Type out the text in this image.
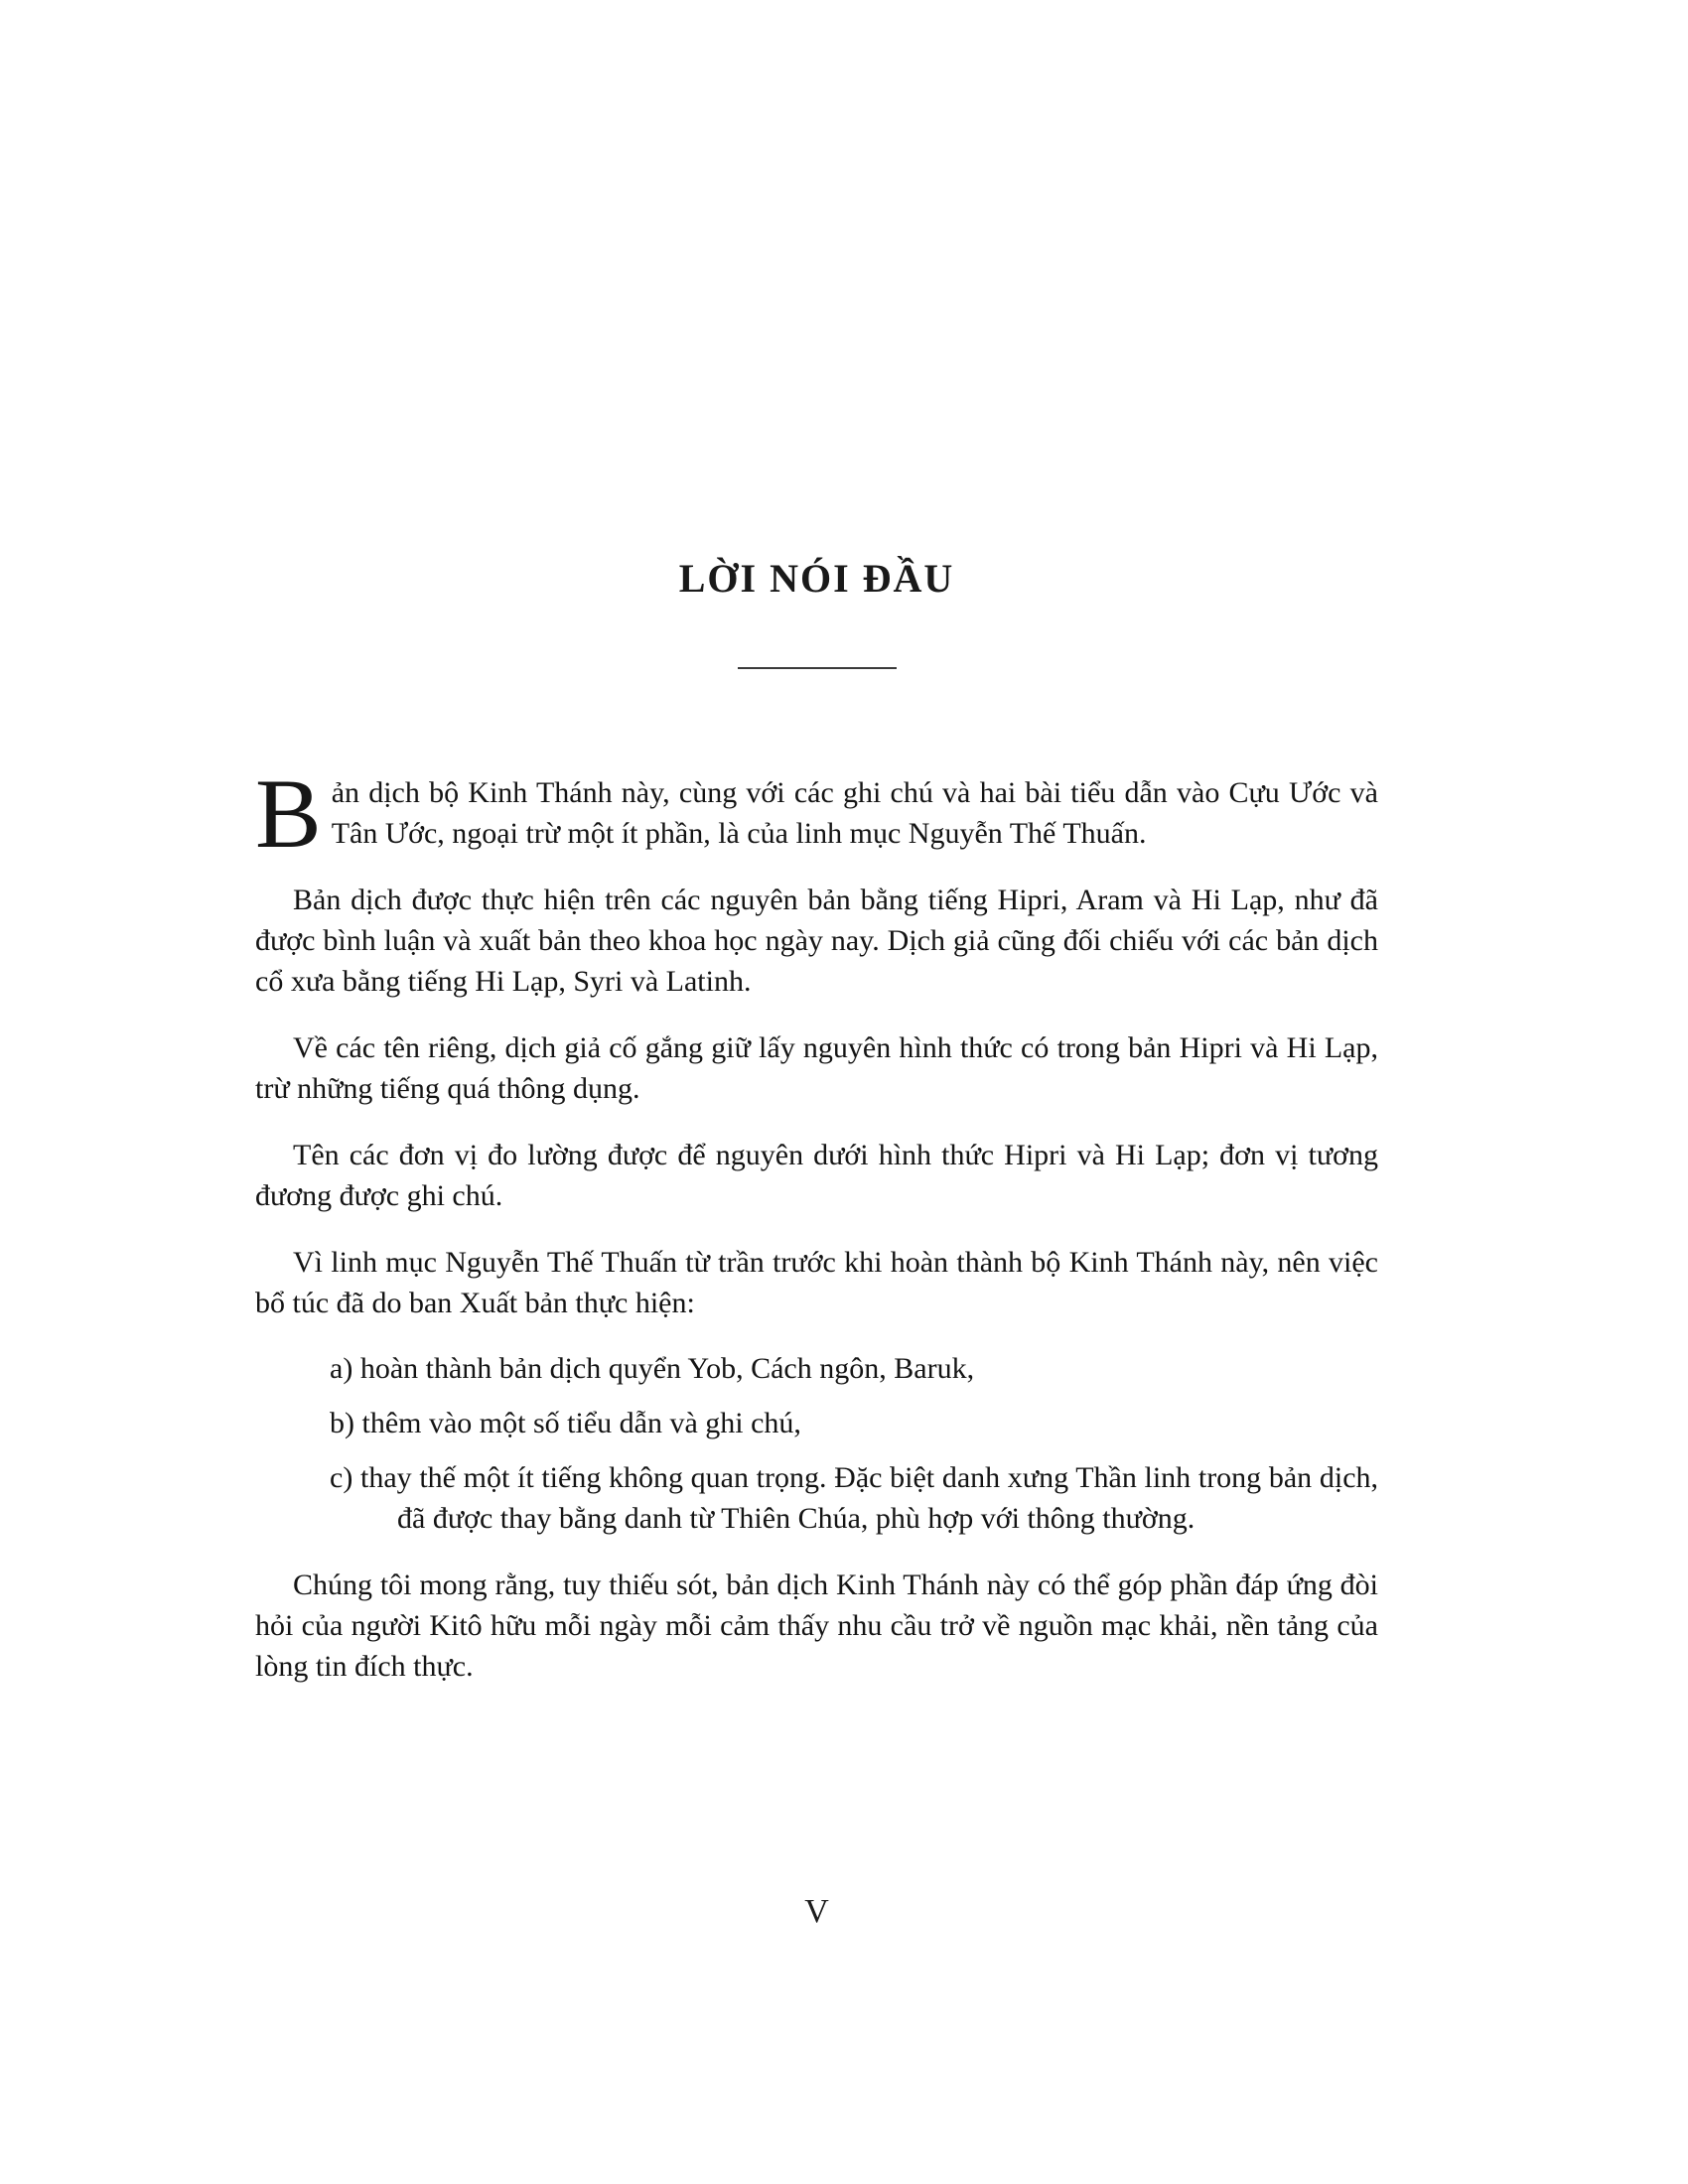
LỜI NÓI ĐẦU

Bản dịch bộ Kinh Thánh này, cùng với các ghi chú và hai bài tiểu dẫn vào Cựu Ước và Tân Ước, ngoại trừ một ít phần, là của linh mục Nguyễn Thế Thuấn.

Bản dịch được thực hiện trên các nguyên bản bằng tiếng Hipri, Aram và Hi Lạp, như đã được bình luận và xuất bản theo khoa học ngày nay. Dịch giả cũng đối chiếu với các bản dịch cổ xưa bằng tiếng Hi Lạp, Syri và Latinh.

Về các tên riêng, dịch giả cố gắng giữ lấy nguyên hình thức có trong bản Hipri và Hi Lạp, trừ những tiếng quá thông dụng.

Tên các đơn vị đo lường được để nguyên dưới hình thức Hipri và Hi Lạp; đơn vị tương đương được ghi chú.

Vì linh mục Nguyễn Thế Thuấn từ trần trước khi hoàn thành bộ Kinh Thánh này, nên việc bổ túc đã do ban Xuất bản thực hiện:

a) hoàn thành bản dịch quyển Yob, Cách ngôn, Baruk,
b) thêm vào một số tiểu dẫn và ghi chú,
c) thay thế một ít tiếng không quan trọng. Đặc biệt danh xưng Thần linh trong bản dịch, đã được thay bằng danh từ Thiên Chúa, phù hợp với thông thường.

Chúng tôi mong rằng, tuy thiếu sót, bản dịch Kinh Thánh này có thể góp phần đáp ứng đòi hỏi của người Kitô hữu mỗi ngày mỗi cảm thấy nhu cầu trở về nguồn mạc khải, nền tảng của lòng tin đích thực.

V
